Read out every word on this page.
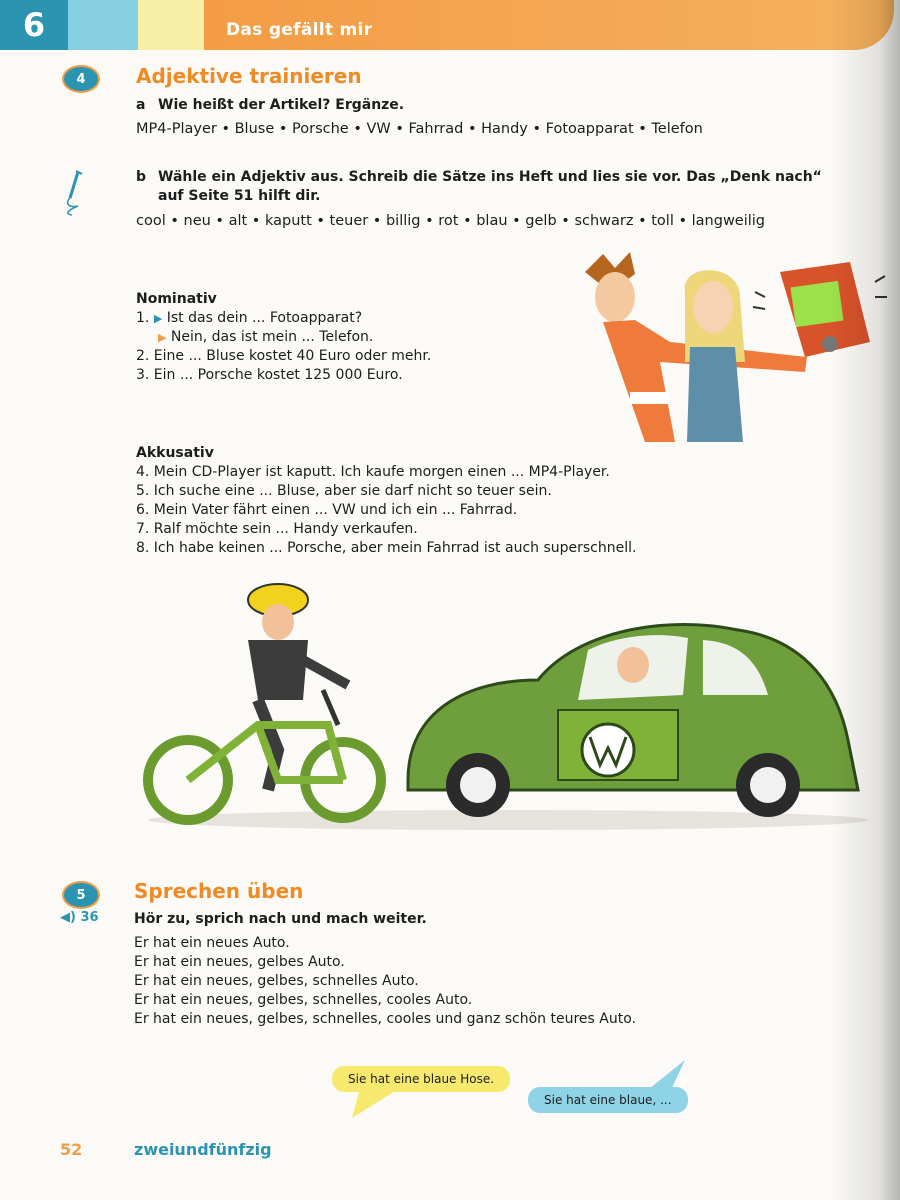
6	Das gefällt mir
4	Adjektive trainieren
a Wie heißt der Artikel? Ergänze.
MP4-Player • Bluse • Porsche • VW • Fahrrad • Handy • Fotoapparat • Telefon
b Wähle ein Adjektiv aus. Schreib die Sätze ins Heft und lies sie vor. Das „Denk nach“
auf Seite 51 hilft dir.
cool • neu • alt • kaputt • teuer • billig • rot • blau • gelb • schwarz • toll • langweilig
Nominativ
1. ▶ Ist das dein ... Fotoapparat?
▶ Nein, das ist mein ... Telefon.
2. Eine ... Bluse kostet 40 Euro oder mehr.
3. Ein ... Porsche kostet 125 000 Euro.
Akkusativ
4. Mein CD-Player ist kaputt. Ich kaufe morgen einen ... MP4-Player.
5. Ich suche eine ... Bluse, aber sie darf nicht so teuer sein.
6. Mein Vater fährt einen ... VW und ich ein ... Fahrrad.
7. Ralf möchte sein ... Handy verkaufen.
8. Ich habe keinen ... Porsche, aber mein Fahrrad ist auch superschnell.
5	Sprechen üben
◀) 36	Hör zu, sprich nach und mach weiter.
Er hat ein neues Auto.
Er hat ein neues, gelbes Auto.
Er hat ein neues, gelbes, schnelles Auto.
Er hat ein neues, gelbes, schnelles, cooles Auto.
Er hat ein neues, gelbes, schnelles, cooles und ganz schön teures Auto.
Sie hat eine blaue Hose.
Sie hat eine blaue, ...
52	zweiundfünfzig
